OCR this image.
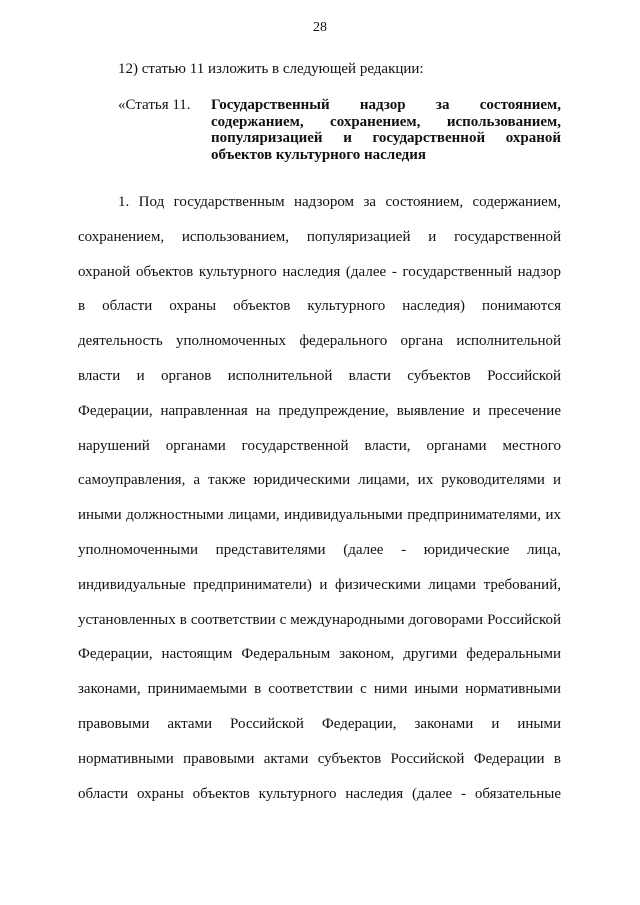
28
12) статью 11 изложить в следующей редакции:
«Статья 11. Государственный надзор за состоянием,
содержанием, сохранением, использованием,
популяризацией и государственной охраной
объектов культурного наследия
1. Под государственным надзором за состоянием, содержанием,
сохранением, использованием, популяризацией и государственной
охраной объектов культурного наследия (далее - государственный надзор
в области охраны объектов культурного наследия) понимаются
деятельность уполномоченных федерального органа исполнительной
власти и органов исполнительной власти субъектов Российской
Федерации, направленная на предупреждение, выявление и пресечение
нарушений органами государственной власти, органами местного
самоуправления, а также юридическими лицами, их руководителями и
иными должностными лицами, индивидуальными предпринимателями, их
уполномоченными представителями (далее - юридические лица,
индивидуальные предприниматели) и физическими лицами требований,
установленных в соответствии с международными договорами Российской
Федерации, настоящим Федеральным законом, другими федеральными
законами, принимаемыми в соответствии с ними иными нормативными
правовыми актами Российской Федерации, законами и иными
нормативными правовыми актами субъектов Российской Федерации в
области охраны объектов культурного наследия (далее - обязательные
